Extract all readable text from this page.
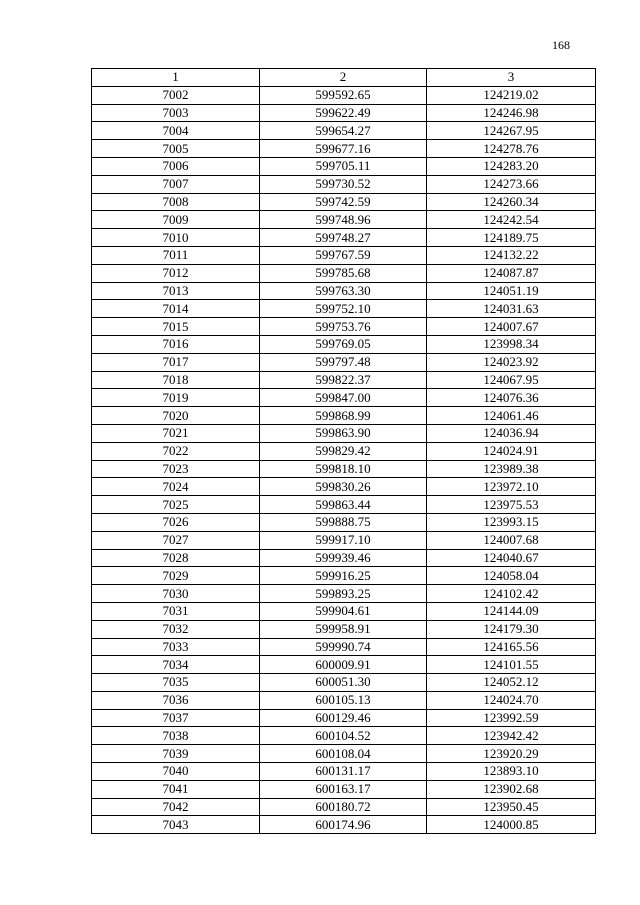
168
1	2	3
7002	599592.65	124219.02
7003	599622.49	124246.98
7004	599654.27	124267.95
7005	599677.16	124278.76
7006	599705.11	124283.20
7007	599730.52	124273.66
7008	599742.59	124260.34
7009	599748.96	124242.54
7010	599748.27	124189.75
7011	599767.59	124132.22
7012	599785.68	124087.87
7013	599763.30	124051.19
7014	599752.10	124031.63
7015	599753.76	124007.67
7016	599769.05	123998.34
7017	599797.48	124023.92
7018	599822.37	124067.95
7019	599847.00	124076.36
7020	599868.99	124061.46
7021	599863.90	124036.94
7022	599829.42	124024.91
7023	599818.10	123989.38
7024	599830.26	123972.10
7025	599863.44	123975.53
7026	599888.75	123993.15
7027	599917.10	124007.68
7028	599939.46	124040.67
7029	599916.25	124058.04
7030	599893.25	124102.42
7031	599904.61	124144.09
7032	599958.91	124179.30
7033	599990.74	124165.56
7034	600009.91	124101.55
7035	600051.30	124052.12
7036	600105.13	124024.70
7037	600129.46	123992.59
7038	600104.52	123942.42
7039	600108.04	123920.29
7040	600131.17	123893.10
7041	600163.17	123902.68
7042	600180.72	123950.45
7043	600174.96	124000.85
